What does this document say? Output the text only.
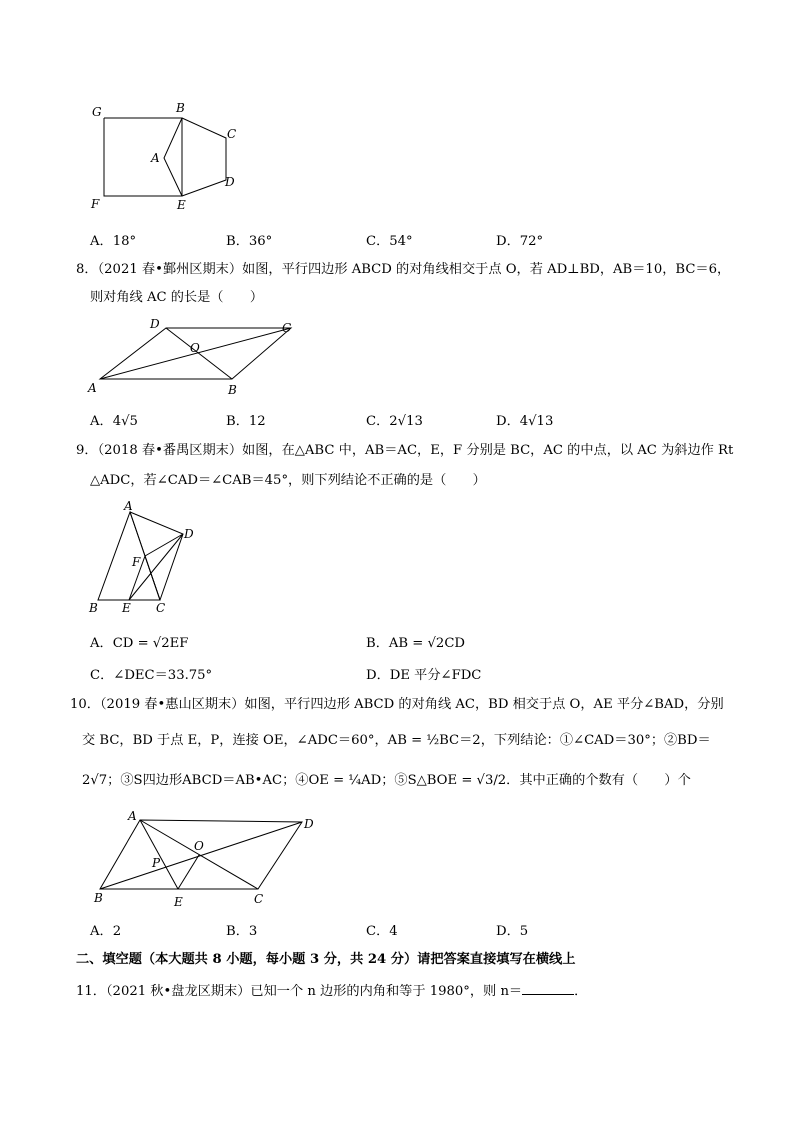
G	B
C
A
D
F	E
A．18°	B．36°	C．54°	D．72°
8．（2021 春•鄞州区期末）如图，平行四边形 ABCD 的对角线相交于点 O，若 AD⊥BD，AB＝10，BC＝6，
则对角线 AC 的长是（　　）
D	C
O
A	B
A．4√5	B．12	C．2√13	D．4√13
9．（2018 春•番禺区期末）如图，在△ABC 中，AB＝AC，E，F 分别是 BC，AC 的中点，以 AC 为斜边作 Rt
△ADC，若∠CAD＝∠CAB＝45°，则下列结论不正确的是（　　）
A
D
F
B E C
A．CD = √2EF	B．AB = √2CD
C．∠DEC＝33.75°	D．DE 平分∠FDC
10．（2019 春•惠山区期末）如图，平行四边形 ABCD 的对角线 AC，BD 相交于点 O，AE 平分∠BAD，分别
交 BC，BD 于点 E，P，连接 OE，∠ADC＝60°，AB = ½BC＝2，下列结论：①∠CAD＝30°；②BD＝
2√7；③S四边形ABCD＝AB•AC；④OE = ¼AD；⑤S△BOE = √3/2．其中正确的个数有（　　）个
A
D
O
P
B	E	C
A．2	B．3	C．4	D．5
二、填空题（本大题共 8 小题，每小题 3 分，共 24 分）请把答案直接填写在横线上
11．（2021 秋•盘龙区期末）已知一个 n 边形的内角和等于 1980°，则 n＝	．
